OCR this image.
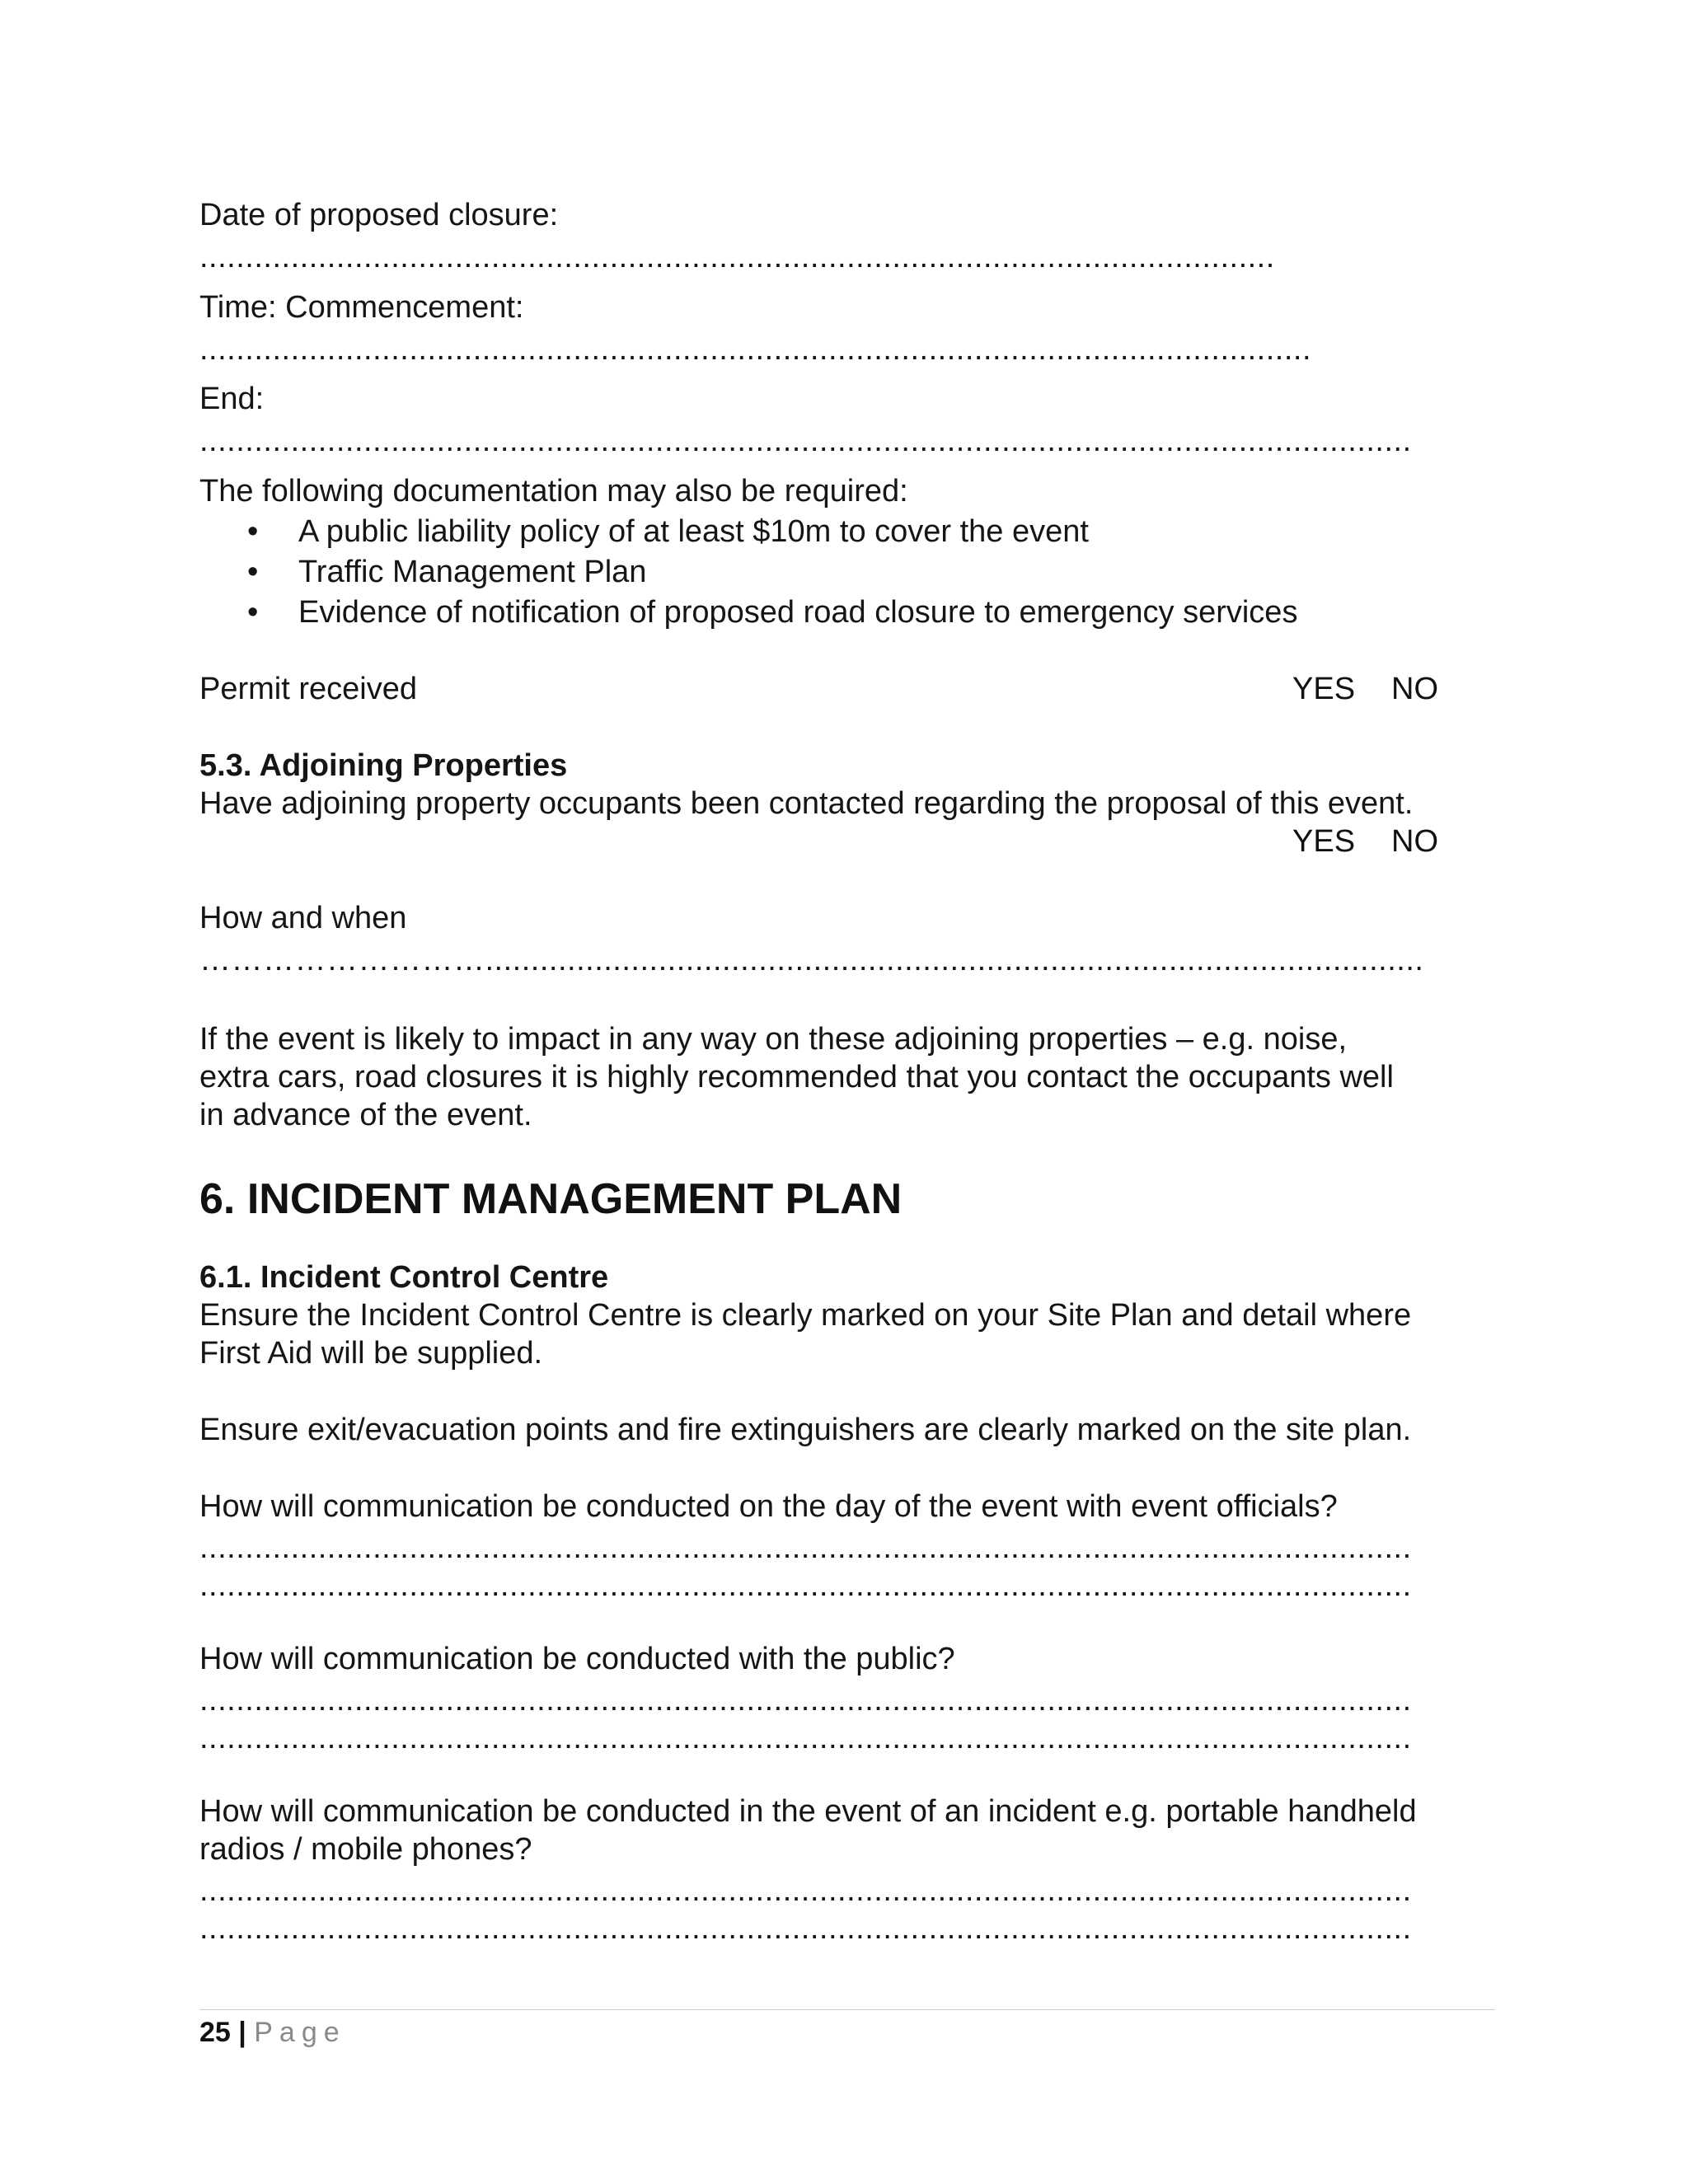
Date of proposed closure:
......................................................................................................................
Time: Commencement:
..........................................................................................................................
End:
.....................................................................................................................................
The following documentation may also be required:
• A public liability policy of at least $10m to cover the event
• Traffic Management Plan
• Evidence of notification of proposed road closure to emergency services
Permit received	YES NO
5.3. Adjoining Properties
Have adjoining property occupants been contacted regarding the proposal of this event.
YES NO
How and when
……………………….......................................................................................................
If the event is likely to impact in any way on these adjoining properties – e.g. noise,
extra cars, road closures it is highly recommended that you contact the occupants well
in advance of the event.
6. INCIDENT MANAGEMENT PLAN
6.1. Incident Control Centre
Ensure the Incident Control Centre is clearly marked on your Site Plan and detail where
First Aid will be supplied.
Ensure exit/evacuation points and fire extinguishers are clearly marked on the site plan.
How will communication be conducted on the day of the event with event officials?
.....................................................................................................................................
.....................................................................................................................................
How will communication be conducted with the public?
.....................................................................................................................................
.....................................................................................................................................
How will communication be conducted in the event of an incident e.g. portable handheld
radios / mobile phones?
.....................................................................................................................................
.....................................................................................................................................
25 | Page
